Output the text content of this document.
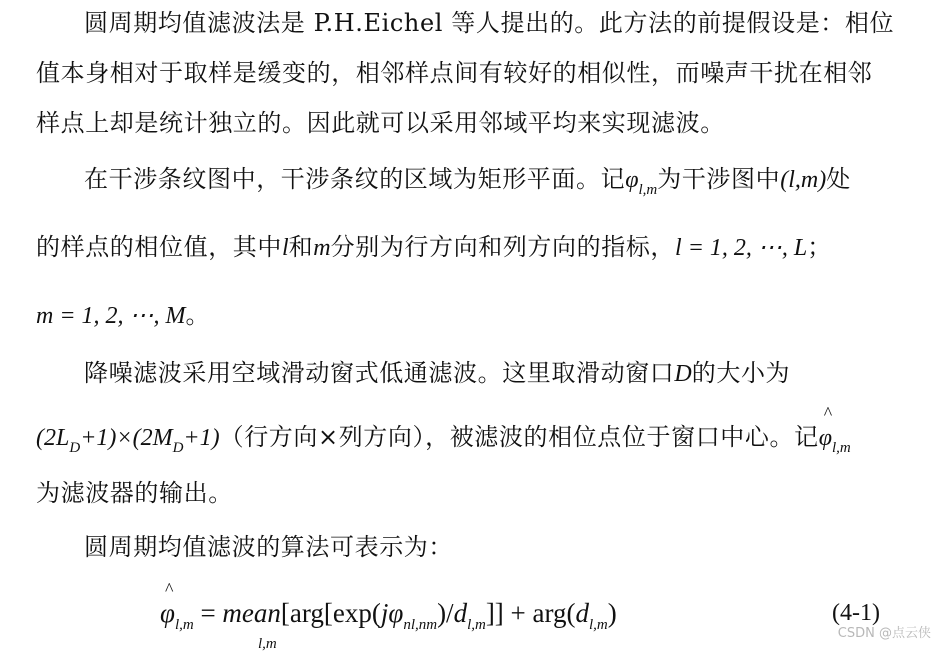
圆周期均值滤波法是 P.H.Eichel 等人提出的。此方法的前提假设是：相位
值本身相对于取样是缓变的，相邻样点间有较好的相似性，而噪声干扰在相邻
样点上却是统计独立的。因此就可以采用邻域平均来实现滤波。
在干涉条纹图中，干涉条纹的区域为矩形平面。记$\varphi_{l,m}$为干涉图中(l,m)处
的样点的相位值，其中l和m分别为行方向和列方向的指标，l = 1, 2, ⋯, L；
m = 1, 2, ⋯, M。
降噪滤波采用空域滑动窗式低通滤波。这里取滑动窗口D的大小为
$(2L_D+1)\times(2M_D+1)$（行方向×列方向），被滤波的相位点位于窗口中心。记
^
$\varphi_{l,m}$
为滤波器的输出。
圆周期均值滤波的算法可表示为：
^
$\varphi_{l,m}$ = $mean[arg[\exp(j\varphi_{nl,nm})/d_{l,m}]] + arg(d_{l,m})$
l,m
(4-1)
CSDN @点云侠
